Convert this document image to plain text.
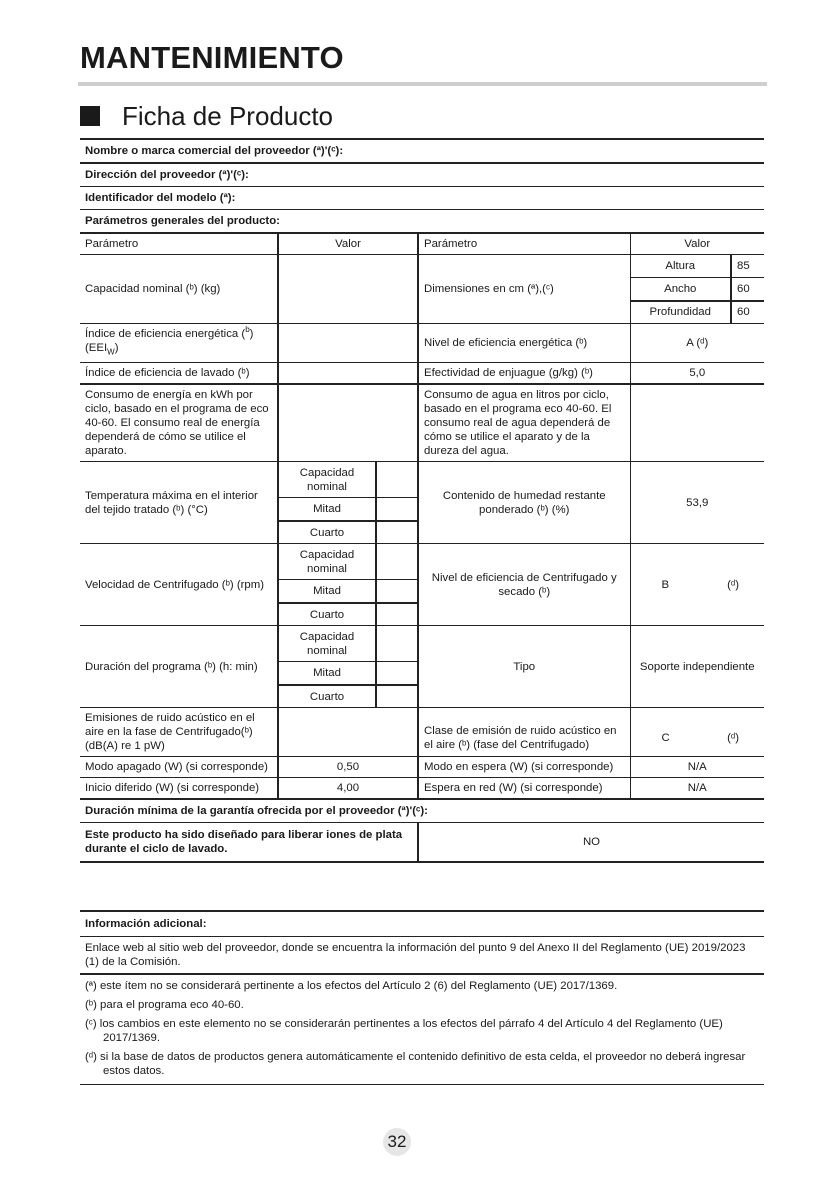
MANTENIMIENTO
Ficha de Producto
Nombre o marca comercial del proveedor (ª)'(ᶜ):					
Dirección del proveedor (ª)'(ᶜ):					
Identificador del modelo (ª):					
Parámetros generales del producto:					
Parámetro	Valor		Parámetro	Valor	
Capacidad nominal (ᵇ) (kg)			Dimensiones en cm (ª),(ᶜ)	Altura	85
				Ancho	60
				Profundidad	60
Índice de eficiencia energética ($^b$)
$(EEI_W)$			Nivel de eficiencia energética (ᵇ)	A (ᵈ)	
Índice de eficiencia de lavado (ᵇ)			Efectividad de enjuague (g/kg) (ᵇ)	5,0	
Consumo de energía en kWh por ciclo, basado en el programa de eco 40-60. El consumo real de energía dependerá de cómo se utilice el aparato.			Consumo de agua en litros por ciclo, basado en el programa eco 40-60. El consumo real de agua dependerá de cómo se utilice el aparato y de la dureza del agua.		
Temperatura máxima en el interior del tejido tratado (ᵇ) (°C)	Capacidad nominal		Contenido de humedad restante ponderado (ᵇ) (%)	53,9	
	Mitad				
	Cuarto				
Velocidad de Centrifugado (ᵇ) (rpm)	Capacidad nominal		Nivel de eficiencia de Centrifugado y secado (ᵇ)	B (ᵈ)	

	Mitad				
	Cuarto				
Duración del programa (ᵇ) (h: min)	Capacidad nominal		Tipo	Soporte independiente	
	Mitad				
	Cuarto				
Emisiones de ruido acústico en el aire en la fase de Centrifugado(ᵇ) (dB(A) re 1 pW)			Clase de emisión de ruido acústico en el aire (ᵇ) (fase del Centrifugado)	C (ᵈ)	

Modo apagado (W) (si corresponde)	0,50		Modo en espera (W) (si corresponde)	N/A	
Inicio diferido (W) (si corresponde)	4,00		Espera en red (W) (si corresponde)	N/A	
Duración mínima de la garantía ofrecida por el proveedor (ª)'(ᶜ):					
Este producto ha sido diseñado para liberar iones de plata durante el ciclo de lavado.			NO		
Información adicional:
Enlace web al sitio web del proveedor, donde se encuentra la información del punto 9 del Anexo II del Reglamento (UE) 2019/2023 (1) de la Comisión.

(ª) este ítem no se considerará pertinente a los efectos del Artículo 2 (6) del Reglamento (UE) 2017/1369.

(ᵇ) para el programa eco 40-60.

(ᶜ) los cambios en este elemento no se considerarán pertinentes a los efectos del párrafo 4 del Artículo 4 del Reglamento (UE) 2017/1369.

(ᵈ) si la base de datos de productos genera automáticamente el contenido definitivo de esta celda, el proveedor no deberá ingresar estos datos.

32
